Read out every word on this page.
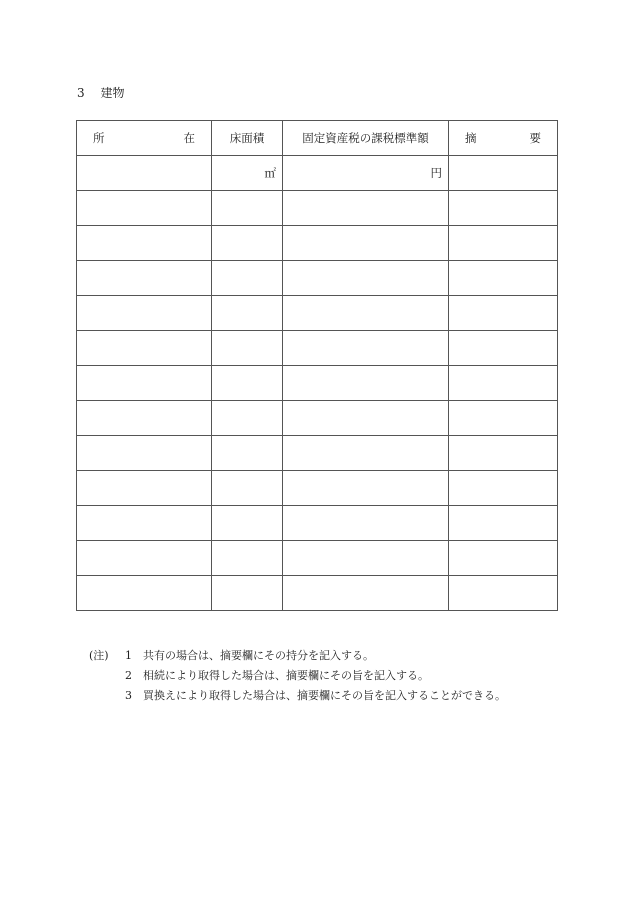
3 建物
所 在	床面積	固定資産税の課税標準額	摘 要

	㎡	円	

(注)	1	共有の場合は、摘要欄にその持分を記入する。
2	相続により取得した場合は、摘要欄にその旨を記入する。
3	買換えにより取得した場合は、摘要欄にその旨を記入することができる。
